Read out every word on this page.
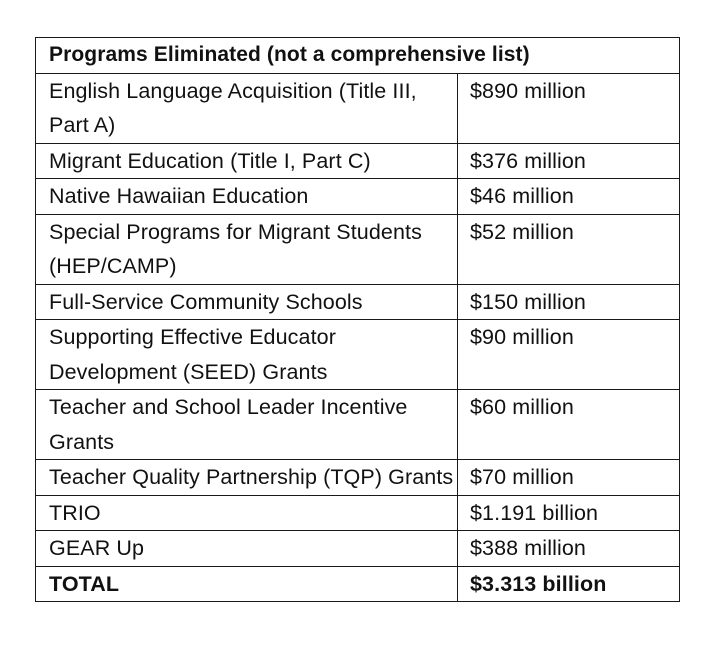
Programs Eliminated (not a comprehensive list)	
English Language Acquisition (Title III, Part A)	$890 million
Migrant Education (Title I, Part C)	$376 million
Native Hawaiian Education	$46 million
Special Programs for Migrant Students (HEP/CAMP)	$52 million
Full-Service Community Schools	$150 million
Supporting Effective Educator Development (SEED) Grants	$90 million
Teacher and School Leader Incentive Grants	$60 million
Teacher Quality Partnership (TQP) Grants	$70 million
TRIO	$1.191 billion
GEAR Up	$388 million
TOTAL	$3.313 billion
